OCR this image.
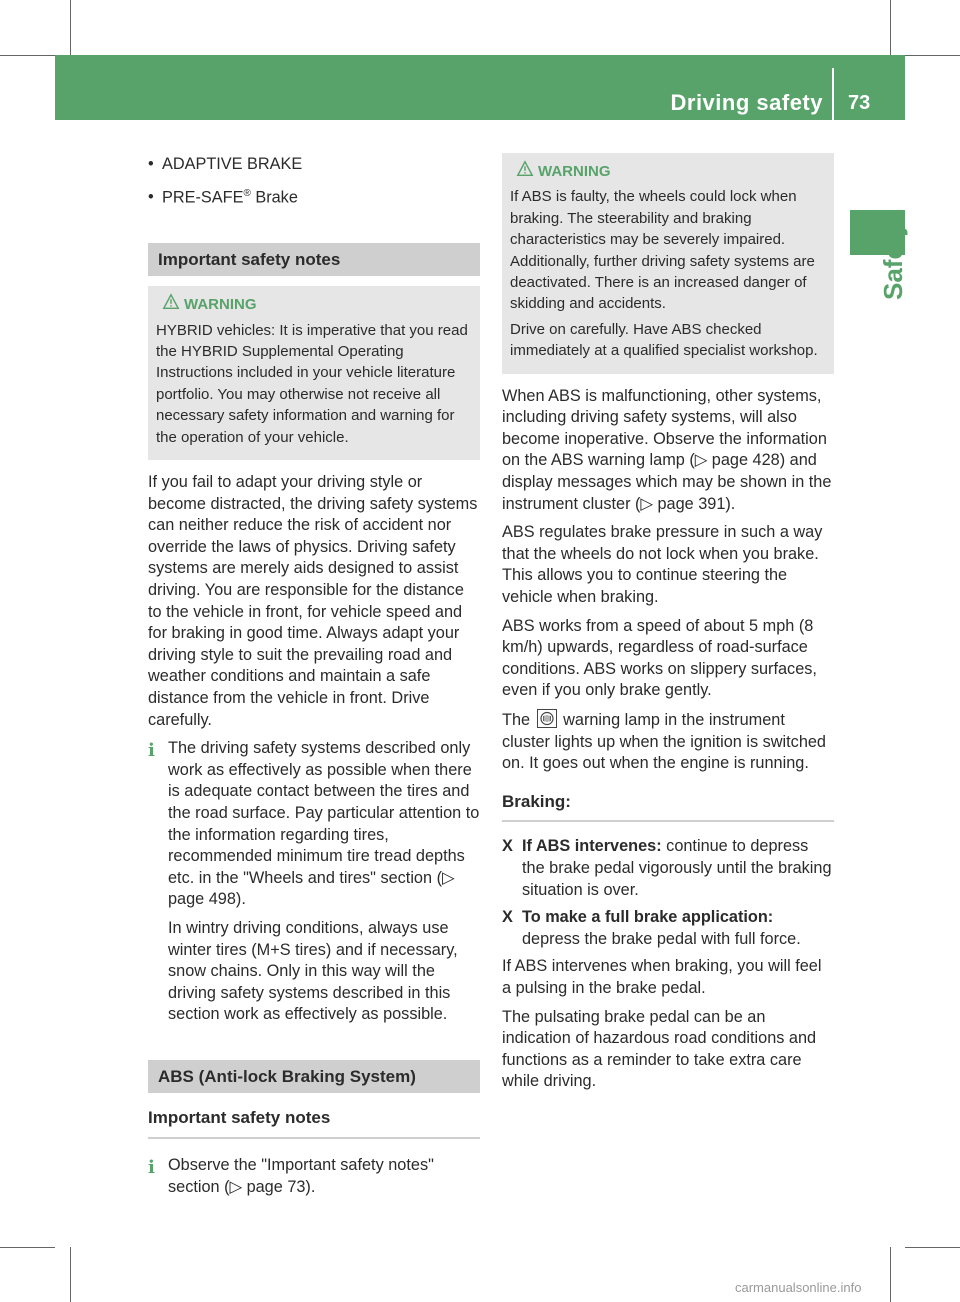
Driving safety systems
73
Safety

• ADAPTIVE BRAKE

• PRE-SAFE® Brake

Important safety notes
WARNING

HYBRID vehicles: It is imperative that you read the HYBRID Supplemental Operating Instructions included in your vehicle literature portfolio. You may otherwise not receive all necessary safety information and warning for the operation of your vehicle.

If you fail to adapt your driving style or become distracted, the driving safety systems can neither reduce the risk of accident nor override the laws of physics. Driving safety systems are merely aids designed to assist driving. You are responsible for the distance to the vehicle in front, for vehicle speed and for braking in good time. Always adapt your driving style to suit the prevailing road and weather conditions and maintain a safe distance from the vehicle in front. Drive carefully.

i The driving safety systems described only work as effectively as possible when there is adequate contact between the tires and the road surface. Pay particular attention to the information regarding tires, recommended minimum tire tread depths etc. in the "Wheels and tires" section (▷ page 498).

In wintry driving conditions, always use winter tires (M+S tires) and if necessary, snow chains. Only in this way will the driving safety systems described in this section work as effectively as possible.

ABS (Anti-lock Braking System)
Important safety notes
i Observe the "Important safety notes" section (▷ page 73).

WARNING

If ABS is faulty, the wheels could lock when braking. The steerability and braking characteristics may be severely impaired. Additionally, further driving safety systems are deactivated. There is an increased danger of skidding and accidents.

Drive on carefully. Have ABS checked immediately at a qualified specialist workshop.

When ABS is malfunctioning, other systems, including driving safety systems, will also become inoperative. Observe the information on the ABS warning lamp (▷ page 428) and display messages which may be shown in the instrument cluster (▷ page 391).

ABS regulates brake pressure in such a way that the wheels do not lock when you brake. This allows you to continue steering the vehicle when braking.

ABS works from a speed of about 5 mph (8 km/h) upwards, regardless of road-surface conditions. ABS works on slippery surfaces, even if you only brake gently.

The warning lamp in the instrument cluster lights up when the ignition is switched on. It goes out when the engine is running.

Braking:
X If ABS intervenes: continue to depress the brake pedal vigorously until the braking situation is over.
X To make a full brake application:
depress the brake pedal with full force.

If ABS intervenes when braking, you will feel a pulsing in the brake pedal.

The pulsating brake pedal can be an indication of hazardous road conditions and functions as a reminder to take extra care while driving.

carmanualsonline.info
